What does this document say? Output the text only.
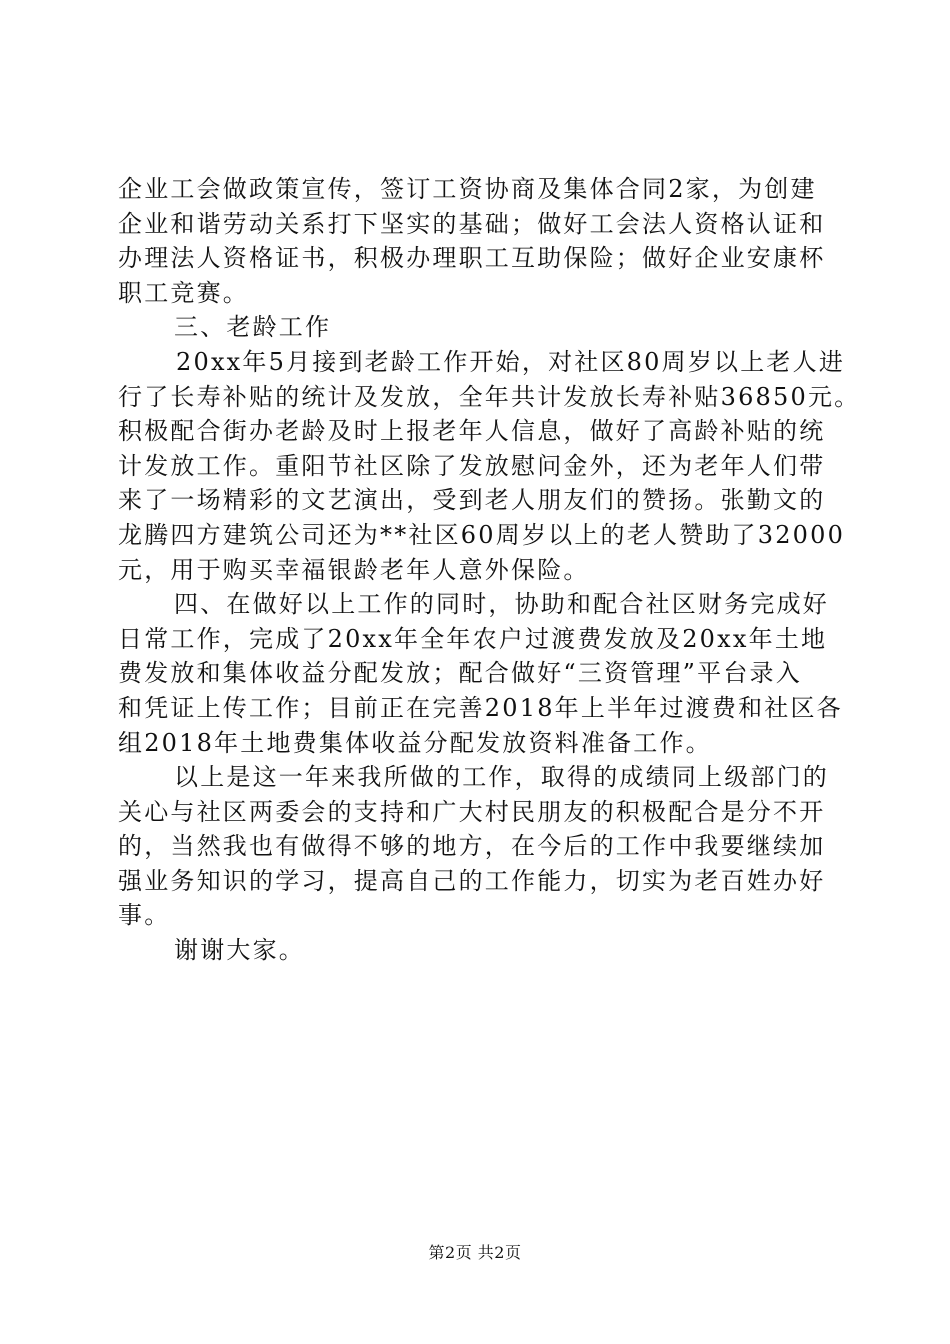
企业工会做政策宣传，签订工资协商及集体合同2家，为创建
企业和谐劳动关系打下坚实的基础；做好工会法人资格认证和
办理法人资格证书，积极办理职工互助保险；做好企业安康杯
职工竞赛。
三、老龄工作
20xx年5月接到老龄工作开始，对社区80周岁以上老人进
行了长寿补贴的统计及发放，全年共计发放长寿补贴36850元。
积极配合街办老龄及时上报老年人信息，做好了高龄补贴的统
计发放工作。重阳节社区除了发放慰问金外，还为老年人们带
来了一场精彩的文艺演出，受到老人朋友们的赞扬。张勤文的
龙腾四方建筑公司还为**社区60周岁以上的老人赞助了32000
元，用于购买幸福银龄老年人意外保险。
四、在做好以上工作的同时，协助和配合社区财务完成好
日常工作，完成了20xx年全年农户过渡费发放及20xx年土地
费发放和集体收益分配发放；配合做好“三资管理”平台录入
和凭证上传工作；目前正在完善2018年上半年过渡费和社区各
组2018年土地费集体收益分配发放资料准备工作。
以上是这一年来我所做的工作，取得的成绩同上级部门的
关心与社区两委会的支持和广大村民朋友的积极配合是分不开
的，当然我也有做得不够的地方，在今后的工作中我要继续加
强业务知识的学习，提高自己的工作能力，切实为老百姓办好
事。
谢谢大家。
第2页 共2页
